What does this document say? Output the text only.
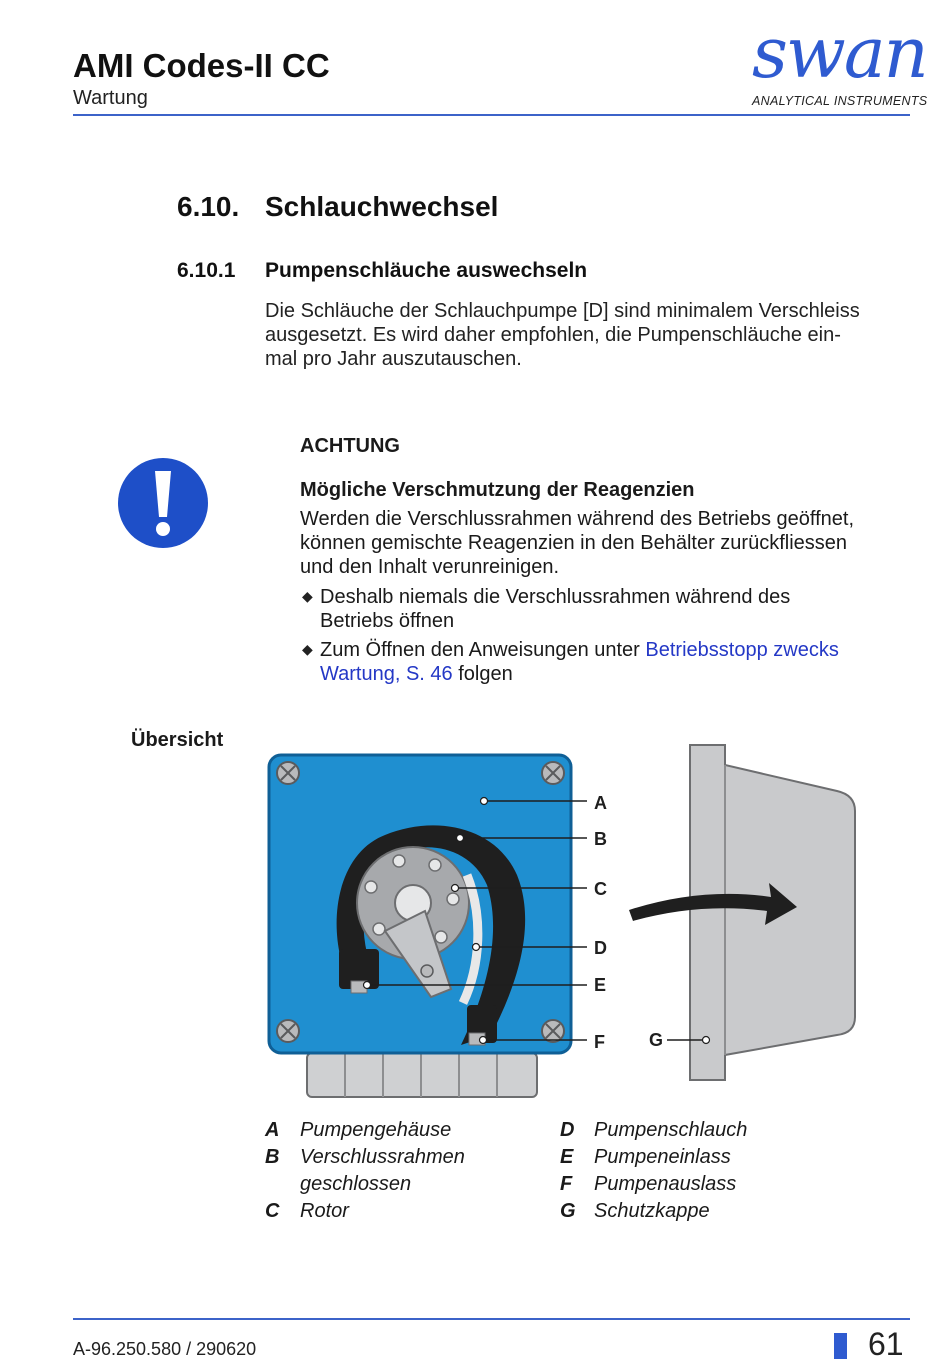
AMI Codes-II CC
Wartung
swan
ANALYTICAL INSTRUMENTS
6.10. Schlauchwechsel
6.10.1 Pumpenschläuche auswechseln
Die Schläuche der Schlauchpumpe [D] sind minimalem Verschleiss
ausgesetzt. Es wird daher empfohlen, die Pumpenschläuche ein-
mal pro Jahr auszutauschen.
ACHTUNG
Mögliche Verschmutzung der Reagenzien
Werden die Verschlussrahmen während des Betriebs geöffnet,
können gemischte Reagenzien in den Behälter zurückfliessen
und den Inhalt verunreinigen.
◆ Deshalb niemals die Verschlussrahmen während des
Betriebs öffnen
◆ Zum Öffnen den Anweisungen unter Betriebsstopp zwecks
Wartung, S. 46 folgen
Übersicht
A
B
C
D
E
F G
A
B

C
Pumpengehäuse
Verschlussrahmen
geschlossen
Rotor
D
E
F
G
Pumpenschlauch
Pumpeneinlass
Pumpenauslass
Schutzkappe
A-96.250.580 / 290620	61
